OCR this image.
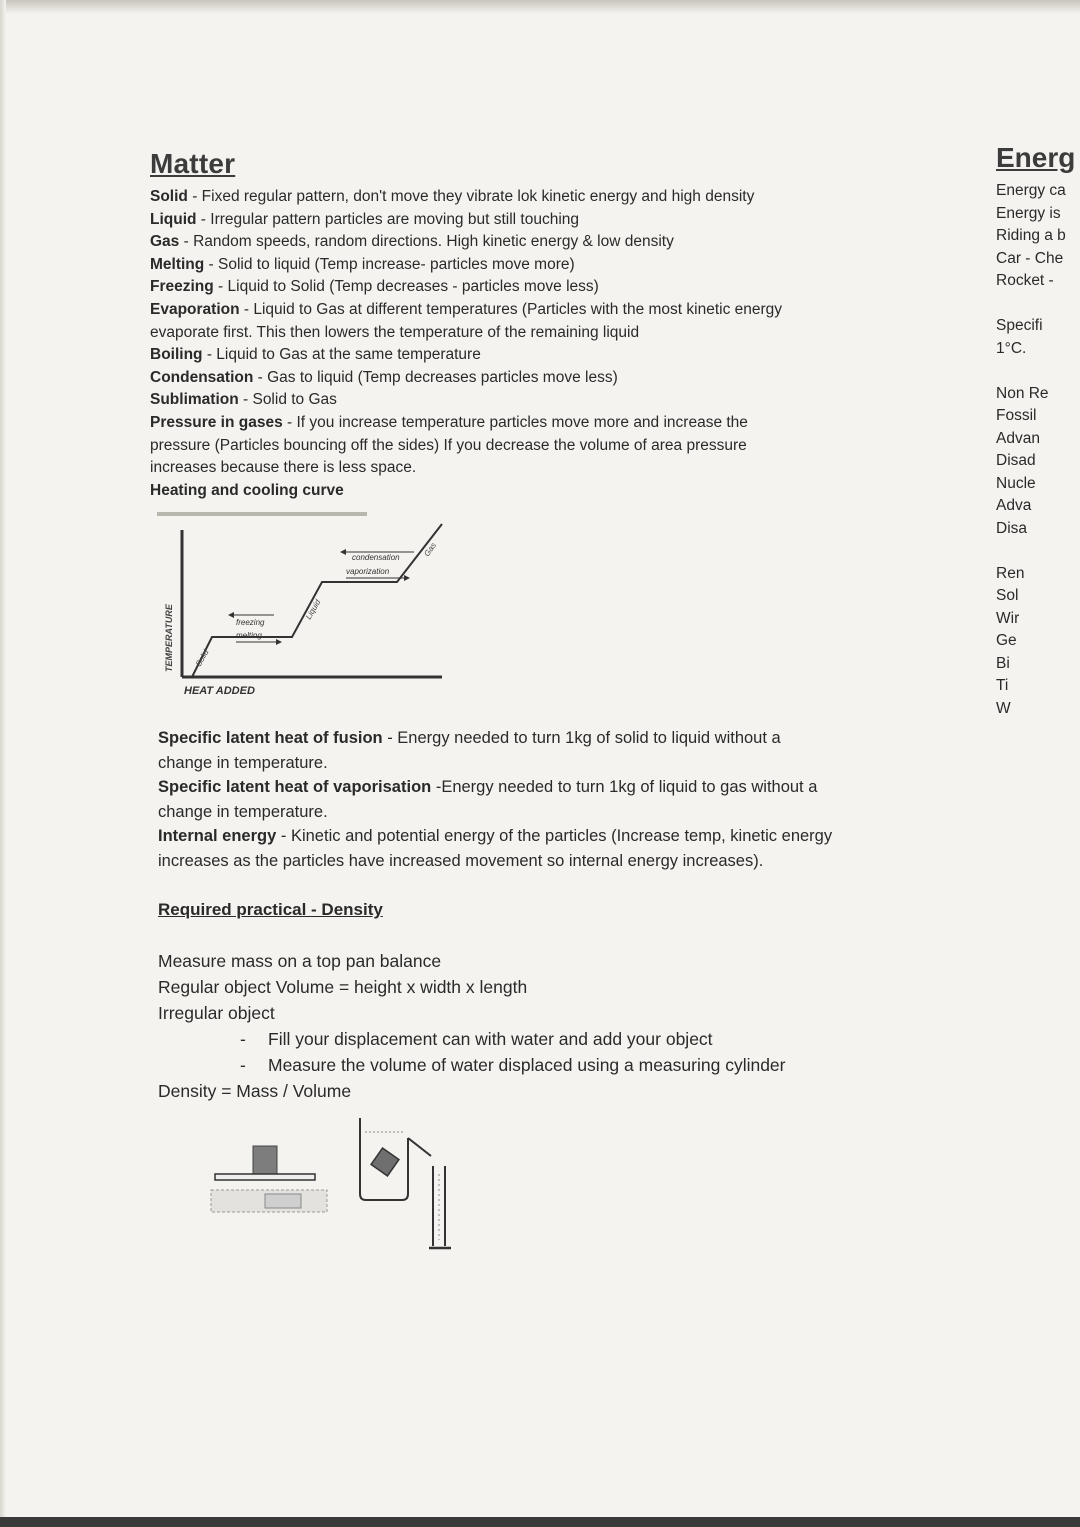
Matter
Solid - Fixed regular pattern, don't move they vibrate lok kinetic energy and high density
Liquid - Irregular pattern particles are moving but still touching
Gas - Random speeds, random directions. High kinetic energy & low density
Melting - Solid to liquid (Temp increase- particles move more)
Freezing - Liquid to Solid (Temp decreases - particles move less)
Evaporation - Liquid to Gas at different temperatures (Particles with the most kinetic energy
evaporate first. This then lowers the temperature of the remaining liquid
Boiling - Liquid to Gas at the same temperature
Condensation - Gas to liquid (Temp decreases particles move less)
Sublimation - Solid to Gas
Pressure in gases - If you increase temperature particles move more and increase the
pressure (Particles bouncing off the sides) If you decrease the volume of area pressure
increases because there is less space.
Heating and cooling curve
TEMPERATURE
HEAT ADDED
Solid
Liquid
Gas
freezing
melting
condensation
vaporization
Specific latent heat of fusion - Energy needed to turn 1kg of solid to liquid without a
change in temperature.
Specific latent heat of vaporisation -Energy needed to turn 1kg of liquid to gas without a
change in temperature.
Internal energy - Kinetic and potential energy of the particles (Increase temp, kinetic energy
increases as the particles have increased movement so internal energy increases).
Required practical - Density
Measure mass on a top pan balance
Regular object Volume = height x width x length
Irregular object
- Fill your displacement can with water and add your object
- Measure the volume of water displaced using a measuring cylinder
Density = Mass / Volume
Energ
Energy ca
Energy is
Riding a b
Car - Che
Rocket -

Specifi
1°C.

Non Re
Fossil
Advan
Disad
Nucle
Adva
Disa

Ren
Sol
Wir
Ge
Bi
Ti
W
